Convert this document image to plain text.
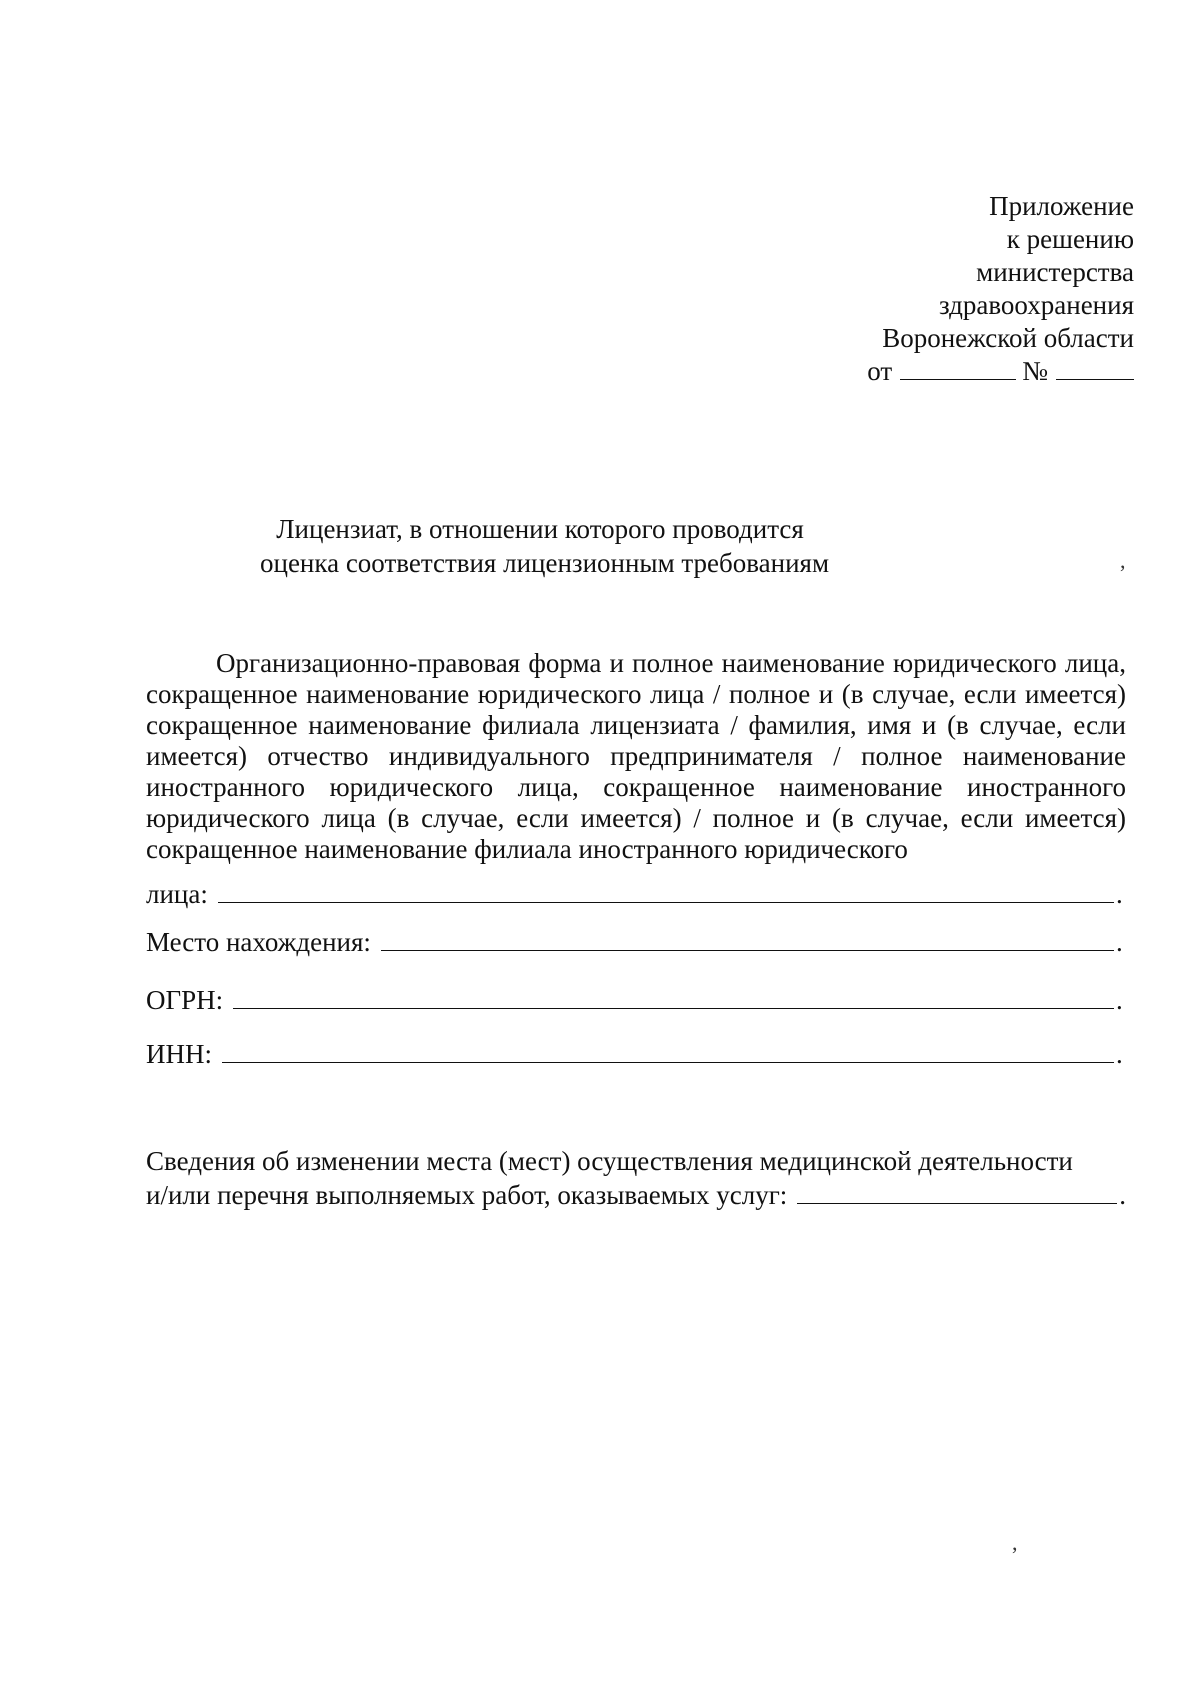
Приложение
к решению
министерства
здравоохранения
Воронежской области
от	№
Лицензиат, в отношении которого проводится
оценка соответствия лицензионным требованиям	,
,
Организационно-правовая форма и полное наименование юридического лица, сокращенное наименование юридического лица / полное и (в случае, если имеется) сокращенное наименование филиала лицензиата / фамилия, имя и (в случае, если имеется) отчество индивидуального предпринимателя / полное наименование иностранного юридического лица, сокращенное наименование иностранного юридического лица (в случае, если имеется) / полное и (в случае, если имеется) сокращенное наименование филиала иностранного юридического
лица:	.
Место нахождения:	.
ОГРН:	.
ИНН:	.
Сведения об изменении места (мест) осуществления медицинской деятельности
и/или перечня выполняемых работ, оказываемых услуг:	.
